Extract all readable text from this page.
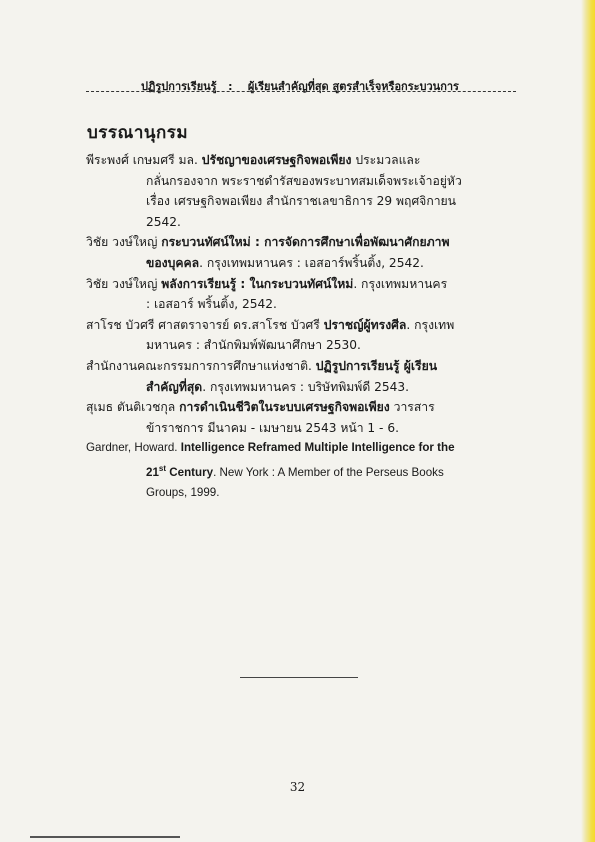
ปฏิรูปการเรียนรู้ : ผู้เรียนสำคัญที่สุด สูตรสำเร็จหรือกระบวนการ
บรรณานุกรม

พีระพงศ์ เกษมศรี มล. ปรัชญาของเศรษฐกิจพอเพียง ประมวลและ

กลั่นกรองจาก พระราชดำรัสของพระบาทสมเด็จพระเจ้าอยู่หัว

เรื่อง เศรษฐกิจพอเพียง สำนักราชเลขาธิการ 29 พฤศจิกายน

2542.

วิชัย วงษ์ใหญ่ กระบวนทัศน์ใหม่ : การจัดการศึกษาเพื่อพัฒนาศักยภาพ

ของบุคคล. กรุงเทพมหานคร : เอสอาร์พริ้นติ้ง, 2542.

วิชัย วงษ์ใหญ่ พลังการเรียนรู้ : ในกระบวนทัศน์ใหม่. กรุงเทพมหานคร

: เอสอาร์ พริ้นติ้ง, 2542.

สาโรช บัวศรี ศาสตราจารย์ ดร.สาโรช บัวศรี ปราชญ์ผู้ทรงศีล. กรุงเทพ

มหานคร : สำนักพิมพ์พัฒนาศึกษา 2530.

สำนักงานคณะกรรมการการศึกษาแห่งชาติ. ปฏิรูปการเรียนรู้ ผู้เรียน

สำคัญที่สุด. กรุงเทพมหานคร : บริษัทพิมพ์ดี 2543.

สุเมธ ตันติเวชกุล การดำเนินชีวิตในระบบเศรษฐกิจพอเพียง วารสาร

ข้าราชการ มีนาคม - เมษายน 2543 หน้า 1 - 6.

Gardner, Howard. Intelligence Reframed Multiple Intelligence for the

21st Century. New York : A Member of the Perseus Books

Groups, 1999.

32
